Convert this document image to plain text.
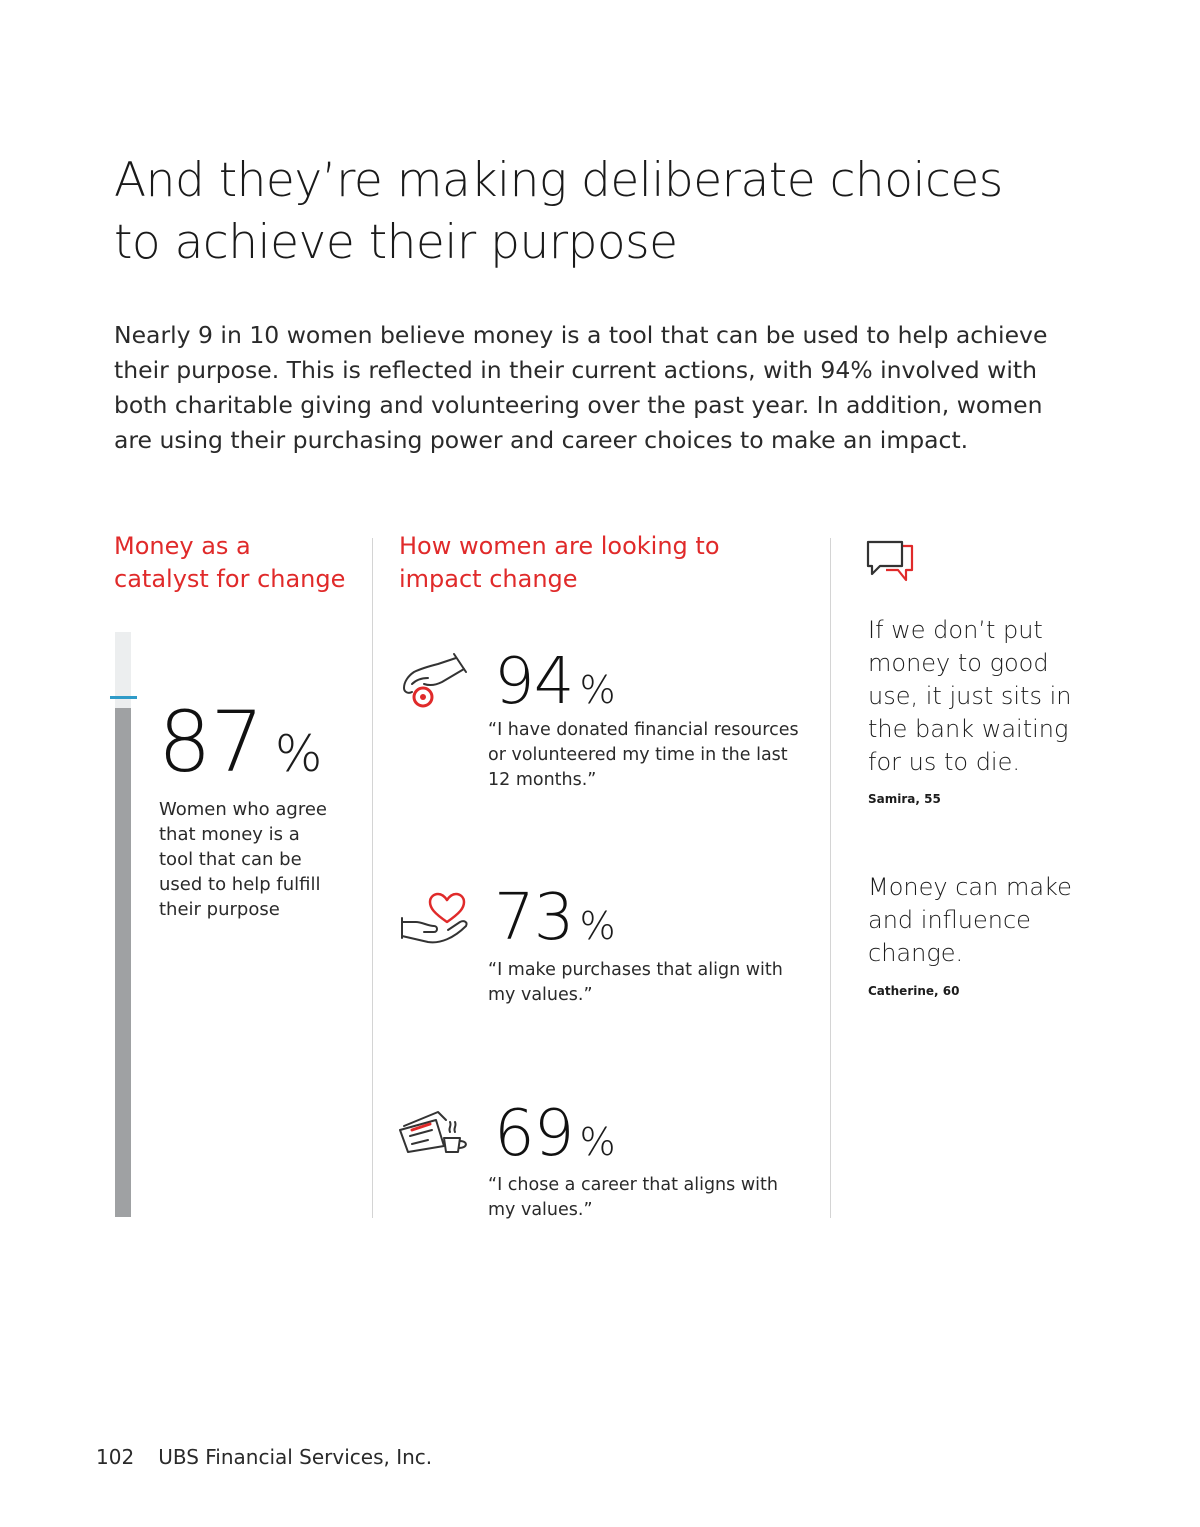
And they’re making deliberate choices
to achieve their purpose

Nearly 9 in 10 women believe money is a tool that can be used to help achieve their purpose. This is reflected in their current actions, with 94% involved with both charitable giving and volunteering over the past year. In addition, women are using their purchasing power and career choices to make an impact.

Money as a
catalyst for change
87 %

Women who agree that money is a tool that can be used to help fulfill their purpose

How women are looking to
impact change
94 %

“I have donated financial resources
or volunteered my time in the last
12 months.”

73 %

“I make purchases that align with
my values.”

69 %

“I chose a career that aligns with
my values.”

If we don’t put money to good use, it just sits in the bank waiting for us to die.

Samira, 55

Money can make and influence change.

Catherine, 60

102 UBS Financial Services, Inc.
